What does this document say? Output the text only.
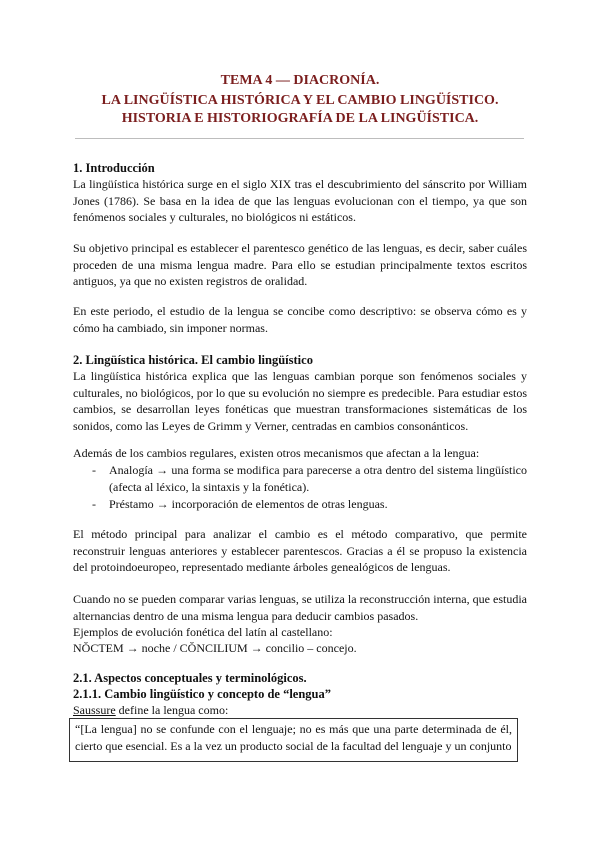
TEMA 4 — DIACRONÍA.
LA LINGÜÍSTICA HISTÓRICA Y EL CAMBIO LINGÜÍSTICO.
HISTORIA E HISTORIOGRAFÍA DE LA LINGÜÍSTICA.
1. Introducción
La lingüística histórica surge en el siglo XIX tras el descubrimiento del sánscrito por William Jones (1786). Se basa en la idea de que las lenguas evolucionan con el tiempo, ya que son fenómenos sociales y culturales, no biológicos ni estáticos.
Su objetivo principal es establecer el parentesco genético de las lenguas, es decir, saber cuáles proceden de una misma lengua madre. Para ello se estudian principalmente textos escritos antiguos, ya que no existen registros de oralidad.
En este periodo, el estudio de la lengua se concibe como descriptivo: se observa cómo es y cómo ha cambiado, sin imponer normas.
2. Lingüística histórica. El cambio lingüístico
La lingüística histórica explica que las lenguas cambian porque son fenómenos sociales y culturales, no biológicos, por lo que su evolución no siempre es predecible. Para estudiar estos cambios, se desarrollan leyes fonéticas que muestran transformaciones sistemáticas de los sonidos, como las Leyes de Grimm y Verner, centradas en cambios consonánticos.
Además de los cambios regulares, existen otros mecanismos que afectan a la lengua:
- Analogía → una forma se modifica para parecerse a otra dentro del sistema lingüístico (afecta al léxico, la sintaxis y la fonética).
- Préstamo → incorporación de elementos de otras lenguas.
El método principal para analizar el cambio es el método comparativo, que permite reconstruir lenguas anteriores y establecer parentescos. Gracias a él se propuso la existencia del protoindoeuropeo, representado mediante árboles genealógicos de lenguas.
Cuando no se pueden comparar varias lenguas, se utiliza la reconstrucción interna, que estudia alternancias dentro de una misma lengua para deducir cambios pasados.
Ejemplos de evolución fonética del latín al castellano:
NŎCTEM → noche / CŎNCILIUM → concilio – concejo.
2.1. Aspectos conceptuales y terminológicos.
2.1.1. Cambio lingüístico y concepto de “lengua”
Saussure define la lengua como:
“[La lengua] no se confunde con el lenguaje; no es más que una parte determinada de él, cierto que esencial. Es a la vez un producto social de la facultad del lenguaje y un conjunto
